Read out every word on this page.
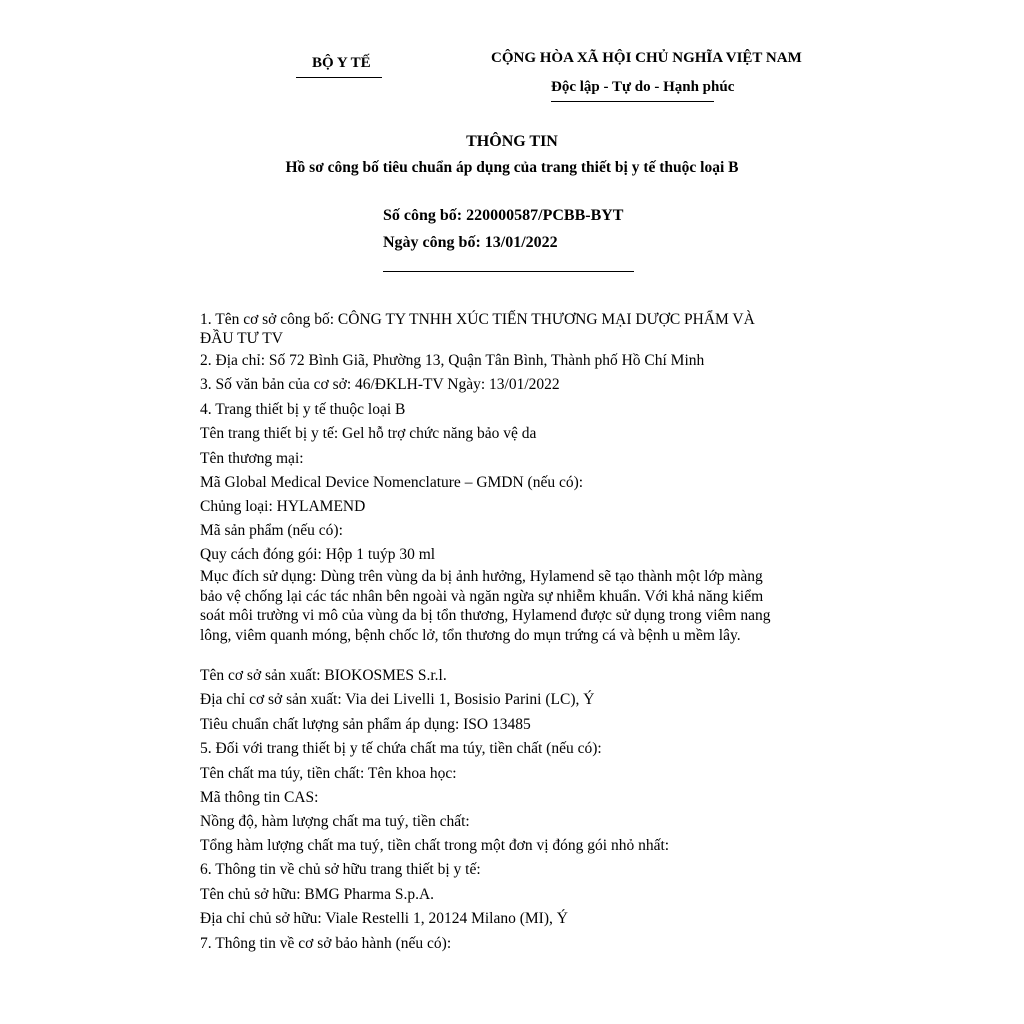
BỘ Y TẾ	CỘNG HÒA XÃ HỘI CHỦ NGHĨA VIỆT NAM
Độc lập - Tự do - Hạnh phúc
THÔNG TIN
Hồ sơ công bố tiêu chuẩn áp dụng của trang thiết bị y tế thuộc loại B
Số công bố: 220000587/PCBB-BYT
Ngày công bố: 13/01/2022
1. Tên cơ sở công bố: CÔNG TY TNHH XÚC TIẾN THƯƠNG MẠI DƯỢC PHẨM VÀ
ĐẦU TƯ TV
2. Địa chỉ: Số 72 Bình Giã, Phường 13, Quận Tân Bình, Thành phố Hồ Chí Minh
3. Số văn bản của cơ sở: 46/ĐKLH-TV Ngày: 13/01/2022
4. Trang thiết bị y tế thuộc loại B
Tên trang thiết bị y tế: Gel hỗ trợ chức năng bảo vệ da
Tên thương mại:
Mã Global Medical Device Nomenclature – GMDN (nếu có):
Chủng loại: HYLAMEND
Mã sản phẩm (nếu có):
Quy cách đóng gói: Hộp 1 tuýp 30 ml
Mục đích sử dụng: Dùng trên vùng da bị ảnh hưởng, Hylamend sẽ tạo thành một lớp màng
bảo vệ chống lại các tác nhân bên ngoài và ngăn ngừa sự nhiễm khuẩn. Với khả năng kiểm
soát môi trường vi mô của vùng da bị tổn thương, Hylamend được sử dụng trong viêm nang
lông, viêm quanh móng, bệnh chốc lở, tổn thương do mụn trứng cá và bệnh u mềm lây.
Tên cơ sở sản xuất: BIOKOSMES S.r.l.
Địa chỉ cơ sở sản xuất: Via dei Livelli 1, Bosisio Parini (LC), Ý
Tiêu chuẩn chất lượng sản phẩm áp dụng: ISO 13485
5. Đối với trang thiết bị y tế chứa chất ma túy, tiền chất (nếu có):
Tên chất ma túy, tiền chất: Tên khoa học:
Mã thông tin CAS:
Nồng độ, hàm lượng chất ma tuý, tiền chất:
Tổng hàm lượng chất ma tuý, tiền chất trong một đơn vị đóng gói nhỏ nhất:
6. Thông tin về chủ sở hữu trang thiết bị y tế:
Tên chủ sở hữu: BMG Pharma S.p.A.
Địa chỉ chủ sở hữu: Viale Restelli 1, 20124 Milano (MI), Ý
7. Thông tin về cơ sở bảo hành (nếu có):
